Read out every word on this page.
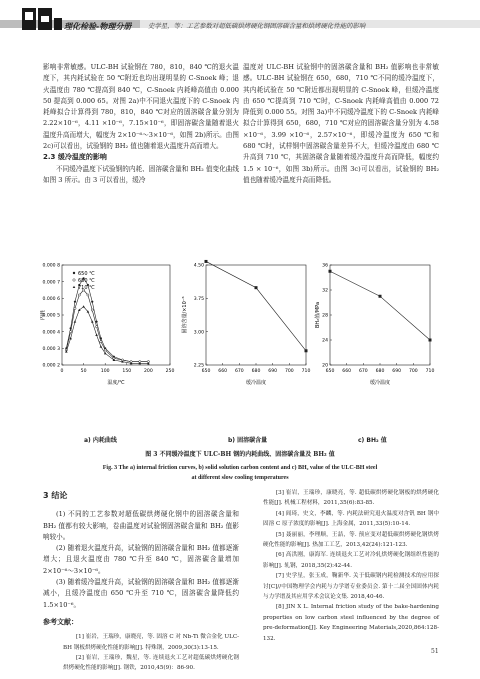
理化检验-物理分册	史学星，等：工艺参数对超低碳烘烤硬化钢固溶碳含量和烘烤硬化性能的影响

影响非常敏感。ULC-BH 试验钢在 780，810，840 ℃的退火温度下，其内耗试验在 50 ℃附近也均出现明显的 C-Snoek 峰；退火温度由 780 ℃提高到 840 ℃，C-Snoek 内耗峰高值由 0.000 50 提高到 0.000 65。对图 2a)中不同退火温度下的 C-Snoek 内耗峰拟合计算得到 780，810，840 ℃对应的固溶碳含量分别为 2.22×10⁻⁶，4.11 ×10⁻⁶，7.15×10⁻⁶，即固溶碳含量随着退火温度升高而增大，幅度为 2×10⁻⁶～3×10⁻⁶，如图 2b)所示。由图 2c)可以看出，试验钢的 BH₂ 值也随着退火温度升高而增大。

2.3 缓冷温度的影响

不同缓冷温度下试验钢的内耗、固溶碳含量和 BH₂ 值变化曲线如图 3 所示。由 3 可以看出，缓冷

温度对 ULC-BH 试验钢中的固溶碳含量和 BH₂ 值影响也非常敏感。ULC-BH 试验钢在 650，680，710 ℃不同的缓冷温度下，其内耗试验在 50 ℃附近都出现明显的 C-Snoek 峰，但缓冷温度由 650 ℃提高到 710 ℃时，C-Snoek 内耗峰高值由 0.000 72 降低到 0.000 55。对图 3a)中不同缓冷温度下的 C-Snoek 内耗峰拟合计算得到 650，680，710 ℃对应的固溶碳含量分别为 4.58 ×10⁻⁶，3.99 ×10⁻⁶，2.57×10⁻⁶，即缓冷温度为 650 ℃和 680 ℃时，试样钢中固溶碳含量差异不大，但缓冷温度由 680 ℃升高到 710 ℃，其固溶碳含量随着缓冷温度升高而降低，幅度约 1.5 × 10⁻⁶，如图 3b)所示。由图 3c)可以看出，试验钢的 BH₂ 值也随着缓冷温度升高而降低。

0	50	100	150	200	250
0.000 2
0.000 3
0.000 4
0.000 5
0.000 6
0.000 7
0.000 8
650 ℃
680 ℃
710 ℃
温度/℃
内耗
650 660 670 680 690 700 710
2.25
3.00
3.75
4.50
缓冷温度
固溶含量/×10⁻⁶
650 660 670 680 690 700 710
20
24
28
32
36
缓冷温度
BH₂值/MPa
a) 内耗曲线	b) 固溶碳含量	c) BH₂ 值
图 3 不同缓冷温度下 ULC-BH 钢的内耗曲线、固溶碳含量及 BH₂ 值
Fig. 3 The a) internal friction curves, b) solid solution carbon content and c) BH₂ value of the ULC-BH steel
at different slow cooling temperatures
3 结论

(1) 不同的工艺参数对超低碳烘烤硬化钢中的固溶碳含量和 BH₂ 值都有较大影响，卷曲温度对试验钢固溶碳含量和 BH₂ 值影响较小。

(2) 随着退火温度升高，试验钢的固溶碳含量和 BH₂ 值都逐渐增大；且退火温度由 780 ℃升至 840 ℃，固溶碳含量增加 2×10⁻⁶～3×10⁻⁶。

(3) 随着缓冷温度升高，试验钢的固溶碳含量和 BH₂ 值都逐渐减小，且缓冷温度由 650 ℃升至 710 ℃，固溶碳含量降低约 1.5×10⁻⁶。

参考文献：

[1] 崔岩，王瑞珍，康晓亮，等. 固溶 C 对 Nb-Ti 微合金化 ULC-BH 钢板烘烤硬化性能的影响[J]. 特殊钢，2009,30(3):13-15.

[2] 崔岩，王瑞珍，魏星，等. 连续退火工艺对超低碳烘烤硬化钢烘烤硬化性能的影响[J]. 钢铁，2010,45(9)：86-90.

[3] 崔岩，王瑞珍，康晓亮，等. 超低碳烘烤硬化钢板的烘烤硬化性能[J]. 机械工程材料，2011,35(6):83-85.

[4] 阎琦，史文，李麟，等. 内耗法研究退火温度对含钒 BH 钢中固溶 C 原子浓度的影响[J]. 上海金属，2011,33(5):10-14.

[5] 聂丽丽，李理顺，王喆，等. 预应变对超低碳烘烤硬化钢烘烤硬化性能的影响[J]. 热加工工艺，2013,42(24):121-123.

[6] 高洪刚，康海军. 连续退火工艺对冷轧烘烤硬化钢组织性能的影响[J]. 轧钢，2018,35(2):42-44.

[7] 史学星，张玉成，鞠新华. 关于低碳钢内耗检测技术的应用探讨[C]//中国物理学会内耗与力学谱专业委员会. 第十二届全国固体内耗与力学谱及其应用学术会议论文集. 2018,40-46.

[8] JIN X L. Internal friction study of the bake-hardening properties on low carbon steel influenced by the degree of pre-deformation[J]. Key Engineering Materials,2020,864:128-132.

51
